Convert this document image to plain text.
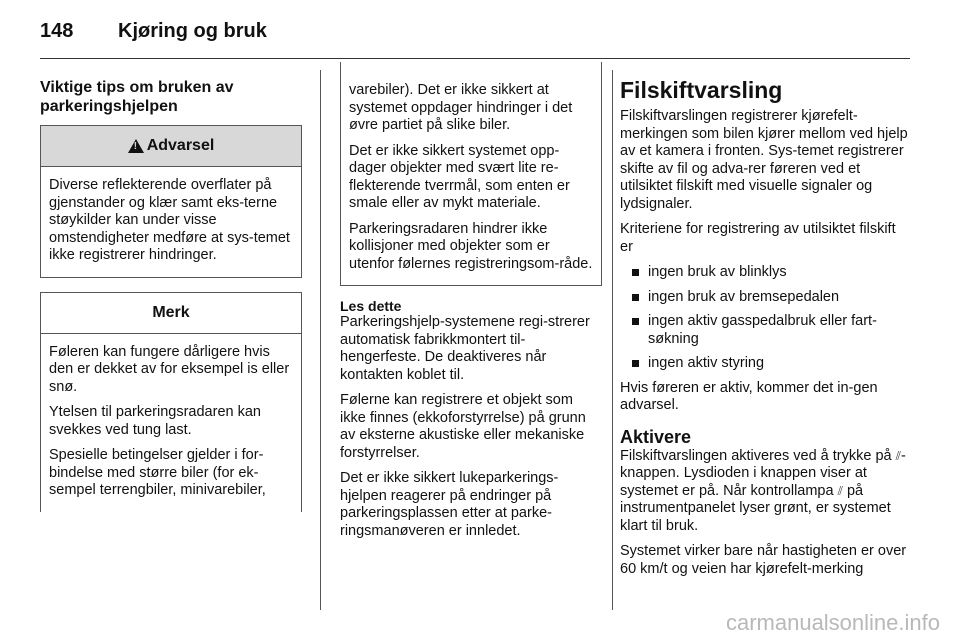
148	Kjøring og bruk
Viktige tips om bruken av parkeringshjelpen
!
Advarsel

Diverse reflekterende overflater på gjenstander og klær samt eks-terne støykilder kan under visse omstendigheter medføre at sys-temet ikke registrerer hindringer.

Merk

Føleren kan fungere dårligere hvis den er dekket av for eksempel is eller snø.

Ytelsen til parkeringsradaren kan svekkes ved tung last.

Spesielle betingelser gjelder i for-bindelse med større biler (for ek-sempel terrengbiler, minivarebiler,

varebiler). Det er ikke sikkert at systemet oppdager hindringer i det øvre partiet på slike biler.

Det er ikke sikkert systemet opp-dager objekter med svært lite re-flekterende tverrmål, som enten er smale eller av mykt materiale.

Parkeringsradaren hindrer ikke kollisjoner med objekter som er utenfor følernes registreringsom-råde.

Les dette

Parkeringshjelp-systemene regi-strerer automatisk fabrikkmontert til-hengerfeste. De deaktiveres når kontakten koblet til.

Følerne kan registrere et objekt som ikke finnes (ekkoforstyrrelse) på grunn av eksterne akustiske eller mekaniske forstyrrelser.

Det er ikke sikkert lukeparkerings-hjelpen reagerer på endringer på parkeringsplassen etter at parke-ringsmanøveren er innledet.

Filskiftvarsling

Filskiftvarslingen registrerer kjørefelt-merkingen som bilen kjører mellom ved hjelp av et kamera i fronten. Sys-temet registrerer skifte av fil og adva-rer føreren ved et utilsiktet filskift med visuelle signaler og lydsignaler.

Kriteriene for registrering av utilsiktet filskift er

ingen bruk av blinklys
ingen bruk av bremsepedalen
ingen aktiv gasspedalbruk eller fart-søkning
ingen aktiv styring

Hvis føreren er aktiv, kommer det in-gen advarsel.

Aktivere

Filskiftvarslingen aktiveres ved å trykke på ⫽-knappen. Lysdioden i knappen viser at systemet er på. Når kontrollampa ⫽ på instrumentpanelet lyser grønt, er systemet klart til bruk.

Systemet virker bare når hastigheten er over 60 km/t og veien har kjørefelt-merking

carmanualsonline.info
